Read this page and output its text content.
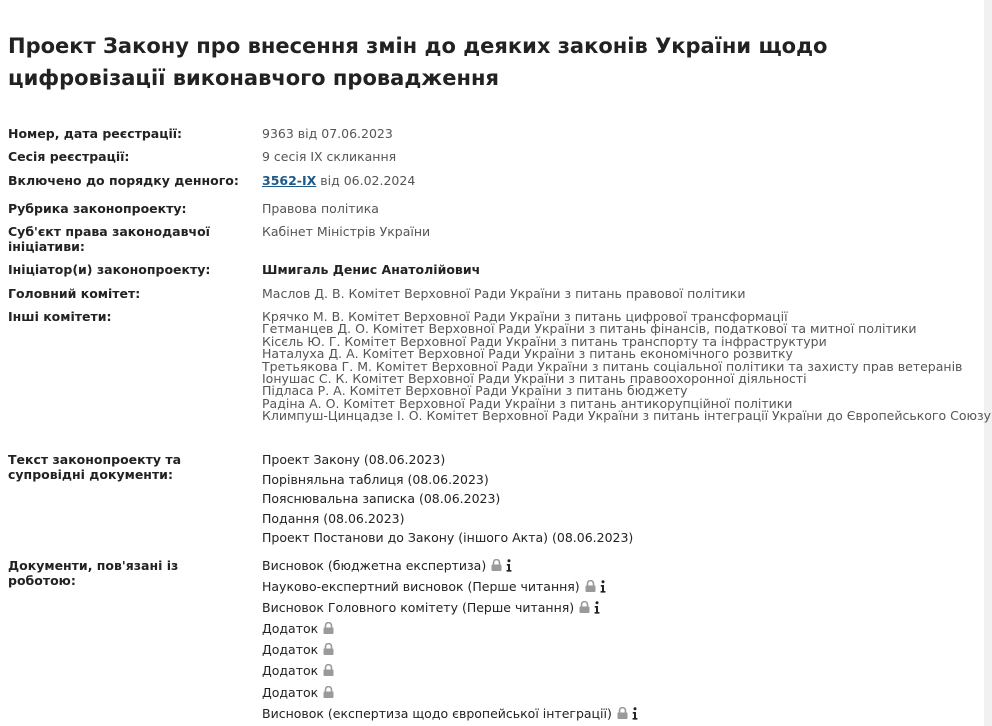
Проект Закону про внесення змін до деяких законів України щодо цифровізації виконавчого провадження
Номер, дата реєстрації:	9363 від 07.06.2023
Сесія реєстрації:	9 сесія IX скликання
Включено до порядку денного:	3562-IX від 06.02.2024
Рубрика законопроекту:	Правова політика
Суб'єкт права законодавчої ініціативи:
Кабінет Міністрів України
Ініціатор(и) законопроекту:	Шмигаль Денис Анатолійович
Головний комітет:	Маслов Д. В. Комітет Верховної Ради України з питань правової політики
Інші комітети:	Крячко М. В. Комітет Верховної Ради України з питань цифрової трансформації
Гетманцев Д. О. Комітет Верховної Ради України з питань фінансів, податкової та митної політики
Кісєль Ю. Г. Комітет Верховної Ради України з питань транспорту та інфраструктури
Наталуха Д. А. Комітет Верховної Ради України з питань економічного розвитку
Третьякова Г. М. Комітет Верховної Ради України з питань соціальної політики та захисту прав ветеранів
Іонушас С. К. Комітет Верховної Ради України з питань правоохоронної діяльності
Підласа Р. А. Комітет Верховної Ради України з питань бюджету
Радіна А. О. Комітет Верховної Ради України з питань антикорупційної політики
Климпуш-Цинцадзе І. О. Комітет Верховної Ради України з питань інтеграції України до Європейського Союзу
Текст законопроекту та супровідні документи:
Проект Закону (08.06.2023)
Порівняльна таблиця (08.06.2023)
Пояснювальна записка (08.06.2023)
Подання (08.06.2023)
Проект Постанови до Закону (іншого Акта) (08.06.2023)
Документи, пов'язані із роботою:
Висновок (бюджетна експертиза)
Науково-експертний висновок (Перше читання)
Висновок Головного комітету (Перше читання)
Додаток
Додаток
Додаток
Додаток
Висновок (експертиза щодо європейської інтеграції)
